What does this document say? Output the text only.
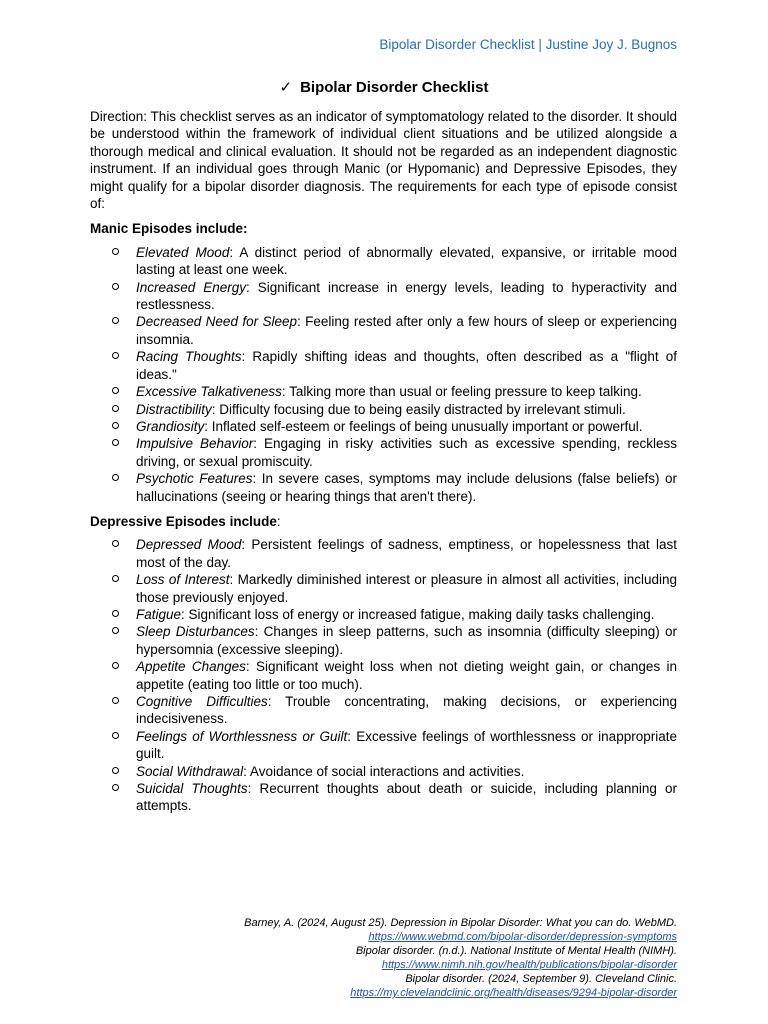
Bipolar Disorder Checklist | Justine Joy J. Bugnos
✓ Bipolar Disorder Checklist

Direction: This checklist serves as an indicator of symptomatology related to the disorder. It should be understood within the framework of individual client situations and be utilized alongside a thorough medical and clinical evaluation. It should not be regarded as an independent diagnostic instrument. If an individual goes through Manic (or Hypomanic) and Depressive Episodes, they might qualify for a bipolar disorder diagnosis. The requirements for each type of episode consist of:

Manic Episodes include:
Elevated Mood: A distinct period of abnormally elevated, expansive, or irritable mood lasting at least one week.
Increased Energy: Significant increase in energy levels, leading to hyperactivity and restlessness.
Decreased Need for Sleep: Feeling rested after only a few hours of sleep or experiencing insomnia.
Racing Thoughts: Rapidly shifting ideas and thoughts, often described as a "flight of ideas."
Excessive Talkativeness: Talking more than usual or feeling pressure to keep talking.
Distractibility: Difficulty focusing due to being easily distracted by irrelevant stimuli.
Grandiosity: Inflated self-esteem or feelings of being unusually important or powerful.
Impulsive Behavior: Engaging in risky activities such as excessive spending, reckless driving, or sexual promiscuity.
Psychotic Features: In severe cases, symptoms may include delusions (false beliefs) or hallucinations (seeing or hearing things that aren't there).
Depressive Episodes include:
Depressed Mood: Persistent feelings of sadness, emptiness, or hopelessness that last most of the day.
Loss of Interest: Markedly diminished interest or pleasure in almost all activities, including those previously enjoyed.
Fatigue: Significant loss of energy or increased fatigue, making daily tasks challenging.
Sleep Disturbances: Changes in sleep patterns, such as insomnia (difficulty sleeping) or hypersomnia (excessive sleeping).
Appetite Changes: Significant weight loss when not dieting weight gain, or changes in appetite (eating too little or too much).
Cognitive Difficulties: Trouble concentrating, making decisions, or experiencing indecisiveness.
Feelings of Worthlessness or Guilt: Excessive feelings of worthlessness or inappropriate guilt.
Social Withdrawal: Avoidance of social interactions and activities.
Suicidal Thoughts: Recurrent thoughts about death or suicide, including planning or attempts.
Barney, A. (2024, August 25). Depression in Bipolar Disorder: What you can do. WebMD.
https://www.webmd.com/bipolar-disorder/depression-symptoms
Bipolar disorder. (n.d.). National Institute of Mental Health (NIMH).
https://www.nimh.nih.gov/health/publications/bipolar-disorder
Bipolar disorder. (2024, September 9). Cleveland Clinic.
https://my.clevelandclinic.org/health/diseases/9294-bipolar-disorder
